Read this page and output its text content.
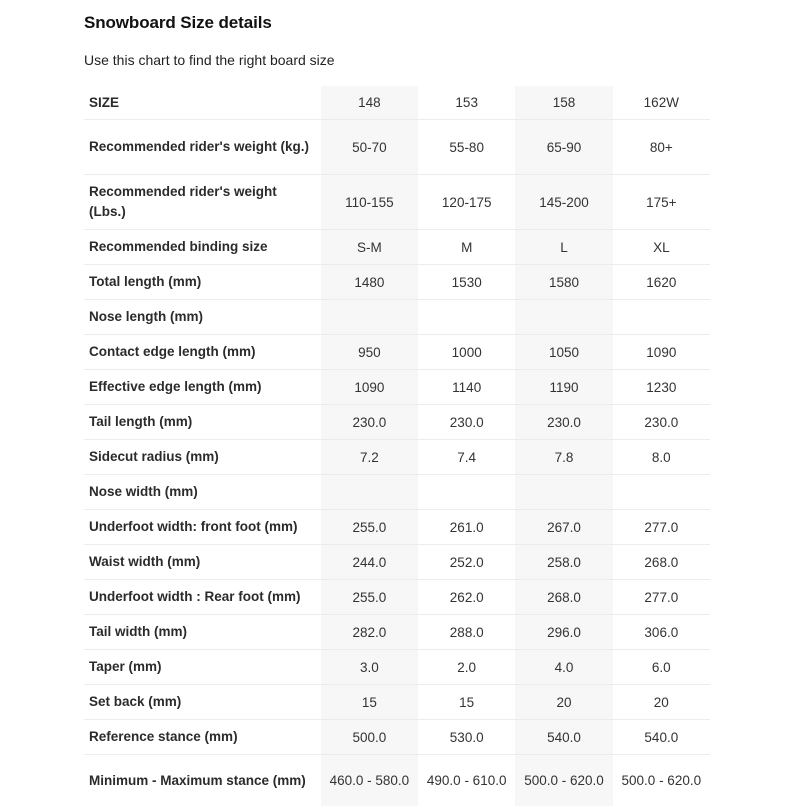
Snowboard Size details
Use this chart to find the right board size
SIZE	148	153	158	162W
Recommended rider's weight (kg.)	50-70	55-80	65-90	80+
Recommended rider's weight (Lbs.)	110-155	120-175	145-200	175+
Recommended binding size	S-M	M	L	XL
Total length (mm)	1480	1530	1580	1620
Nose length (mm)				
Contact edge length (mm)	950	1000	1050	1090
Effective edge length (mm)	1090	1140	1190	1230
Tail length (mm)	230.0	230.0	230.0	230.0
Sidecut radius (mm)	7.2	7.4	7.8	8.0
Nose width (mm)				
Underfoot width: front foot (mm)	255.0	261.0	267.0	277.0
Waist width (mm)	244.0	252.0	258.0	268.0
Underfoot width : Rear foot (mm)	255.0	262.0	268.0	277.0
Tail width (mm)	282.0	288.0	296.0	306.0
Taper (mm)	3.0	2.0	4.0	6.0
Set back (mm)	15	15	20	20
Reference stance (mm)	500.0	530.0	540.0	540.0
Minimum - Maximum stance (mm)	460.0 - 580.0	490.0 - 610.0	500.0 - 620.0	500.0 - 620.0
